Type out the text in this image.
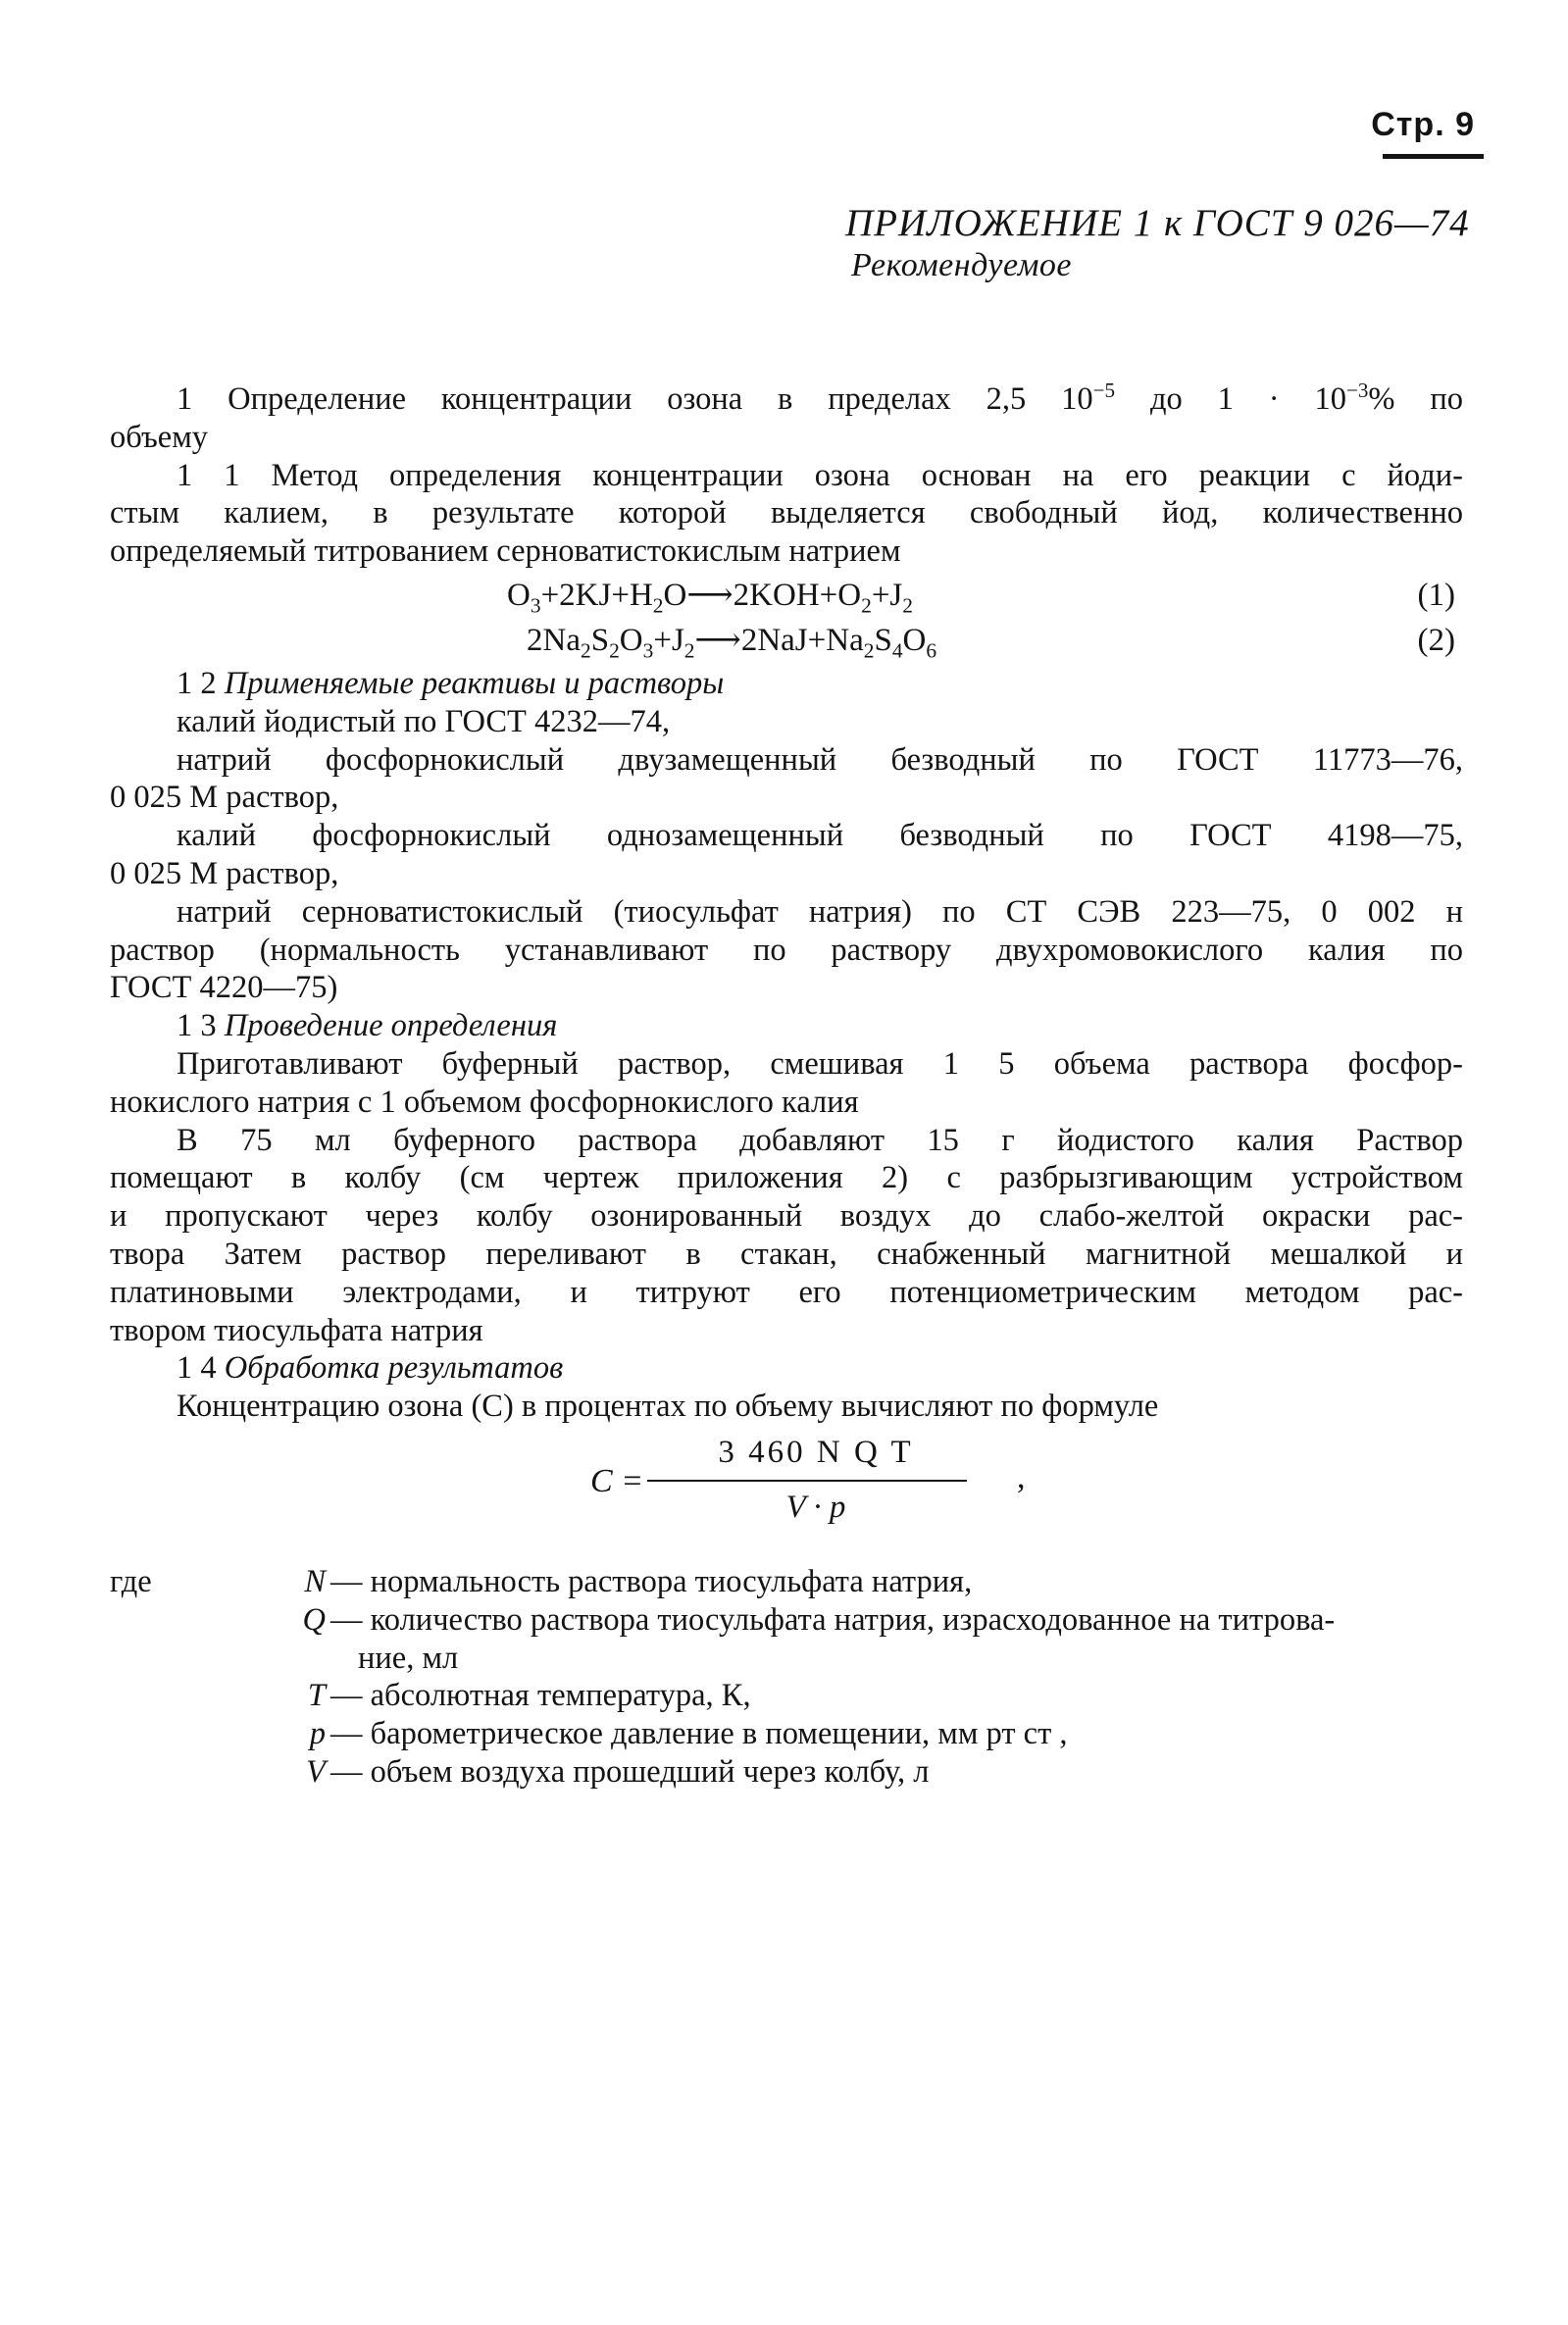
Стр. 9
ПРИЛОЖЕНИЕ 1 к ГОСТ 9 026—74
Рекомендуемое

1 Определение концентрации озона в пределах 2,5 $10^{-5}$ до $1 \cdot 10^{-3}\%$ по

объему

1 1 Метод определения концентрации озона основан на его реакции с йоди-

стым калием, в результате которой выделяется свободный йод, количественно

определяемый титрованием серноватистокислым натрием

$O_3+2KJ+H_2O⟶2KOH+O_2+J_2$	(1)
$2Na_2S_2O_3+J_2⟶2NaJ+Na_2S_4O_6$	(2)

1 2 Применяемые реактивы и растворы

калий йодистый по ГОСТ 4232—74,

натрий фосфорнокислый двузамещенный безводный по ГОСТ 11773—76,

0 025 М раствор,

калий фосфорнокислый однозамещенный безводный по ГОСТ 4198—75,

0 025 М раствор,

натрий серноватистокислый (тиосульфат натрия) по СТ СЭВ 223—75, 0 002 н

раствор (нормальность устанавливают по раствору двухромовокислого калия по

ГОСТ 4220—75)

1 3 Проведение определения

Приготавливают буферный раствор, смешивая 1 5 объема раствора фосфор-

нокислого натрия с 1 объемом фосфорнокислого калия

В 75 мл буферного раствора добавляют 15 г йодистого калия Раствор

помещают в колбу (см чертеж приложения 2) с разбрызгивающим устройством

и пропускают через колбу озонированный воздух до слабо-желтой окраски рас-

твора Затем раствор переливают в стакан, снабженный магнитной мешалкой и

платиновыми электродами, и титруют его потенциометрическим методом рас-

твором тиосульфата натрия

1 4 Обработка результатов

Концентрацию озона (С) в процентах по объему вычисляют по формуле

C =
3 460 N Q T
V · p
,
где	N — нормальность раствора тиосульфата натрия,
Q — количество раствора тиосульфата натрия, израсходованное на титрова-
ние, мл
T — абсолютная температура, К,
p — барометрическое давление в помещении, мм рт ст ,
V — объем воздуха прошедший через колбу, л
